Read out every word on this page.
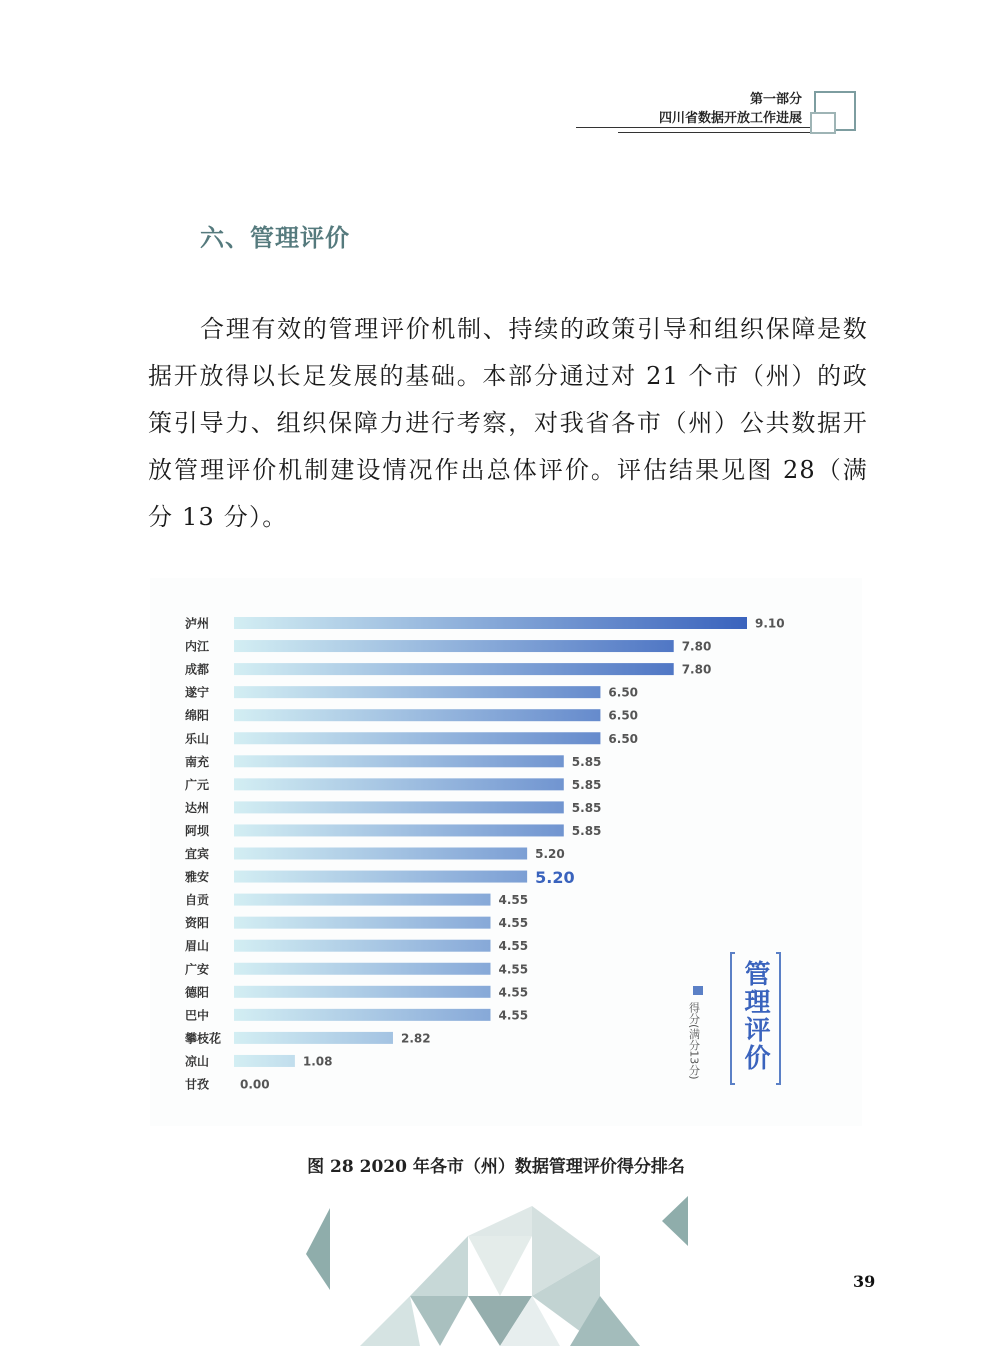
第一部分
四川省数据开放工作进展
六、管理评价
合理有效的管理评价机制、持续的政策引导和组织保障是数据开放得以长足发展的基础。本部分通过对 21 个市（州）的政策引导力、组织保障力进行考察，对我省各市（州）公共数据开放管理评价机制建设情况作出总体评价。评估结果见图 28（满分 13 分）。
泸州	9.10
内江	7.80
成都	7.80
遂宁	6.50
绵阳	6.50
乐山	6.50
南充	5.85
广元	5.85
达州	5.85
阿坝	5.85
宜宾	5.20
雅安	5.20
自贡	4.55
资阳	4.55
眉山	4.55
广安	4.55
德阳	4.55
巴中	4.55
攀枝花	2.82
凉山	1.08
甘孜	0.00
得分(满分13分) 管理评价
图 28 2020 年各市（州）数据管理评价得分排名
39
